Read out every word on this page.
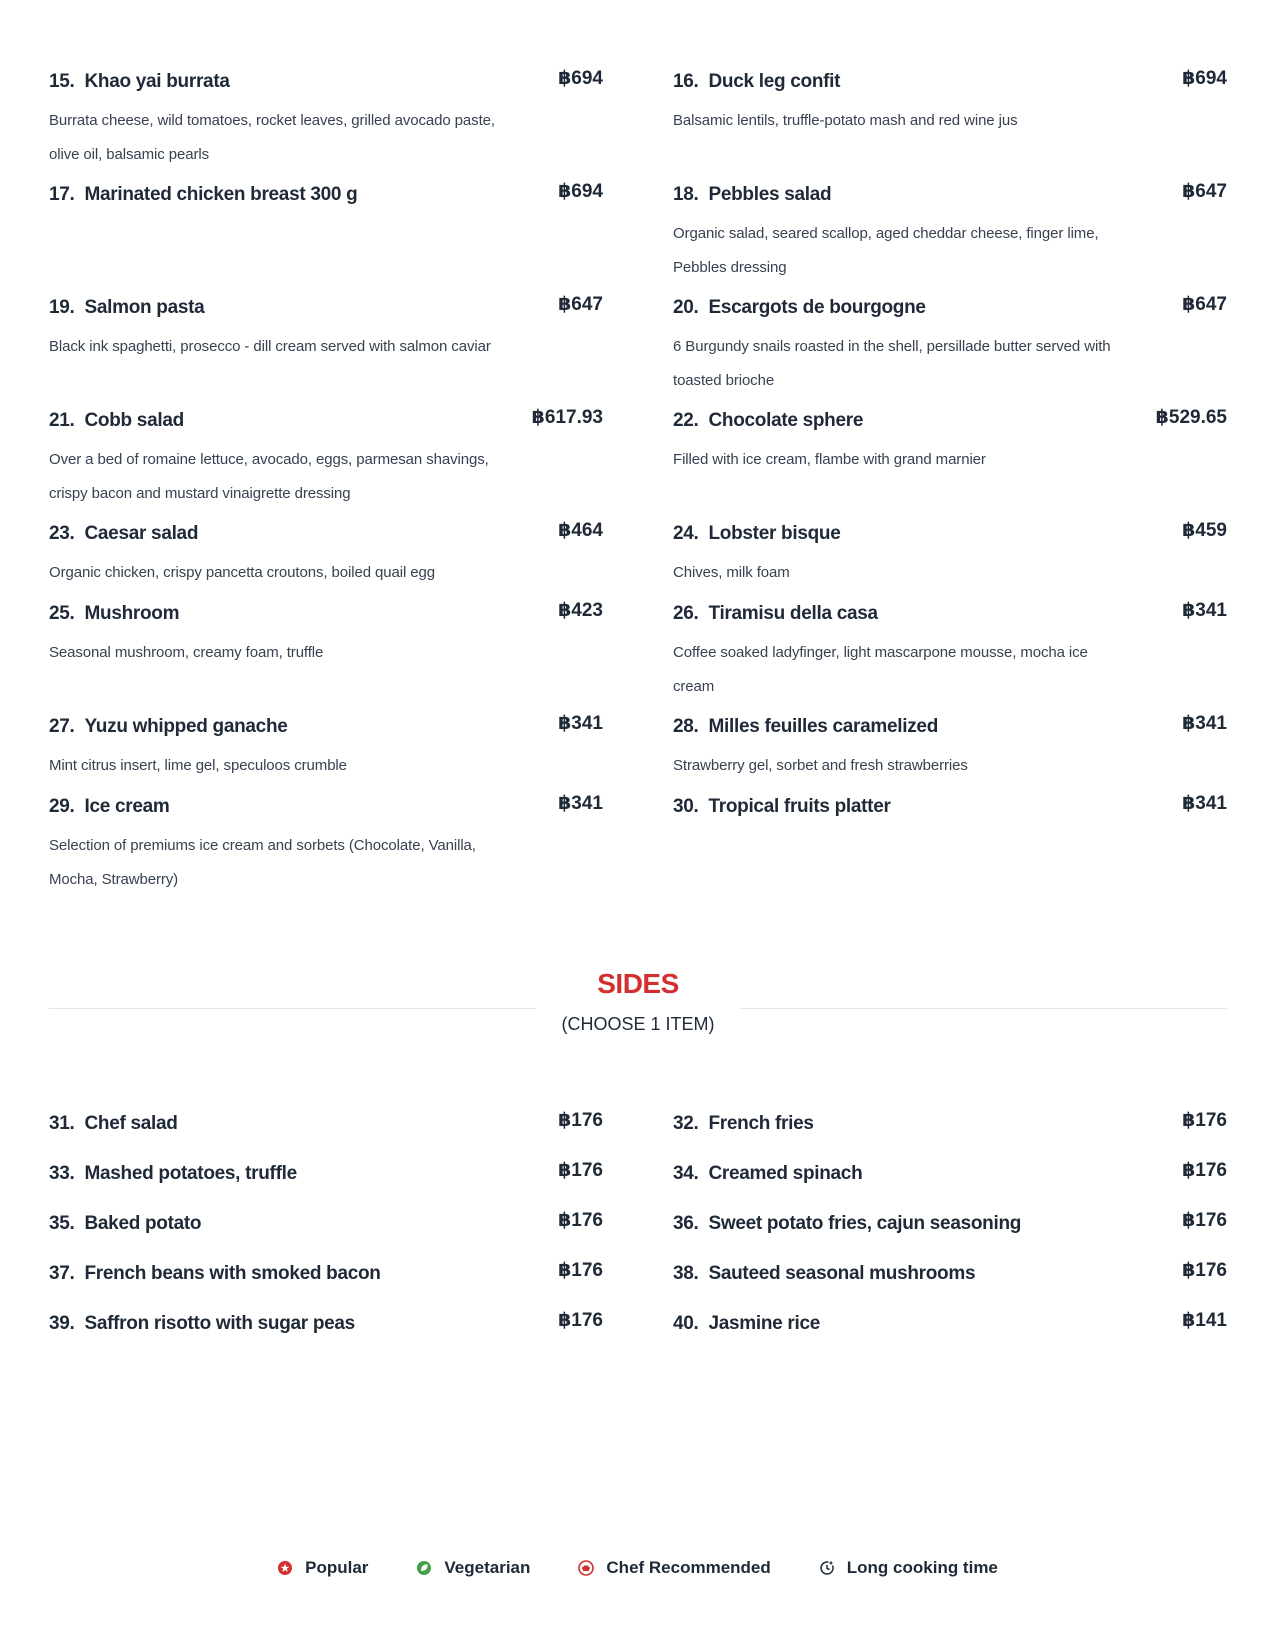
15. Khao yai burrata	฿694
Burrata cheese, wild tomatoes, rocket leaves, grilled avocado paste, olive oil, balsamic pearls
16. Duck leg confit	฿694
Balsamic lentils, truffle-potato mash and red wine jus
17. Marinated chicken breast 300 g	฿694	18. Pebbles salad	฿647
Organic salad, seared scallop, aged cheddar cheese, finger lime, Pebbles dressing
19. Salmon pasta	฿647
Black ink spaghetti, prosecco - dill cream served with salmon caviar
20. Escargots de bourgogne	฿647
6 Burgundy snails roasted in the shell, persillade butter served with toasted brioche
21. Cobb salad	฿617.93
Over a bed of romaine lettuce, avocado, eggs, parmesan shavings, crispy bacon and mustard vinaigrette dressing
22. Chocolate sphere	฿529.65
Filled with ice cream, flambe with grand marnier
23. Caesar salad	฿464
Organic chicken, crispy pancetta croutons, boiled quail egg
24. Lobster bisque	฿459
Chives, milk foam
25. Mushroom	฿423
Seasonal mushroom, creamy foam, truffle
26. Tiramisu della casa	฿341
Coffee soaked ladyfinger, light mascarpone mousse, mocha ice cream
27. Yuzu whipped ganache	฿341
Mint citrus insert, lime gel, speculoos crumble
28. Milles feuilles caramelized	฿341
Strawberry gel, sorbet and fresh strawberries
29. Ice cream	฿341
Selection of premiums ice cream and sorbets (Chocolate, Vanilla, Mocha, Strawberry)
30. Tropical fruits platter	฿341
SIDES
(CHOOSE 1 ITEM)
31. Chef salad	฿176	32. French fries	฿176
33. Mashed potatoes, truffle	฿176	34. Creamed spinach	฿176
35. Baked potato	฿176	36. Sweet potato fries, cajun seasoning	฿176
37. French beans with smoked bacon	฿176	38. Sauteed seasonal mushrooms	฿176
39. Saffron risotto with sugar peas	฿176	40. Jasmine rice	฿141
Popular	Vegetarian	Chef Recommended	Long cooking time
